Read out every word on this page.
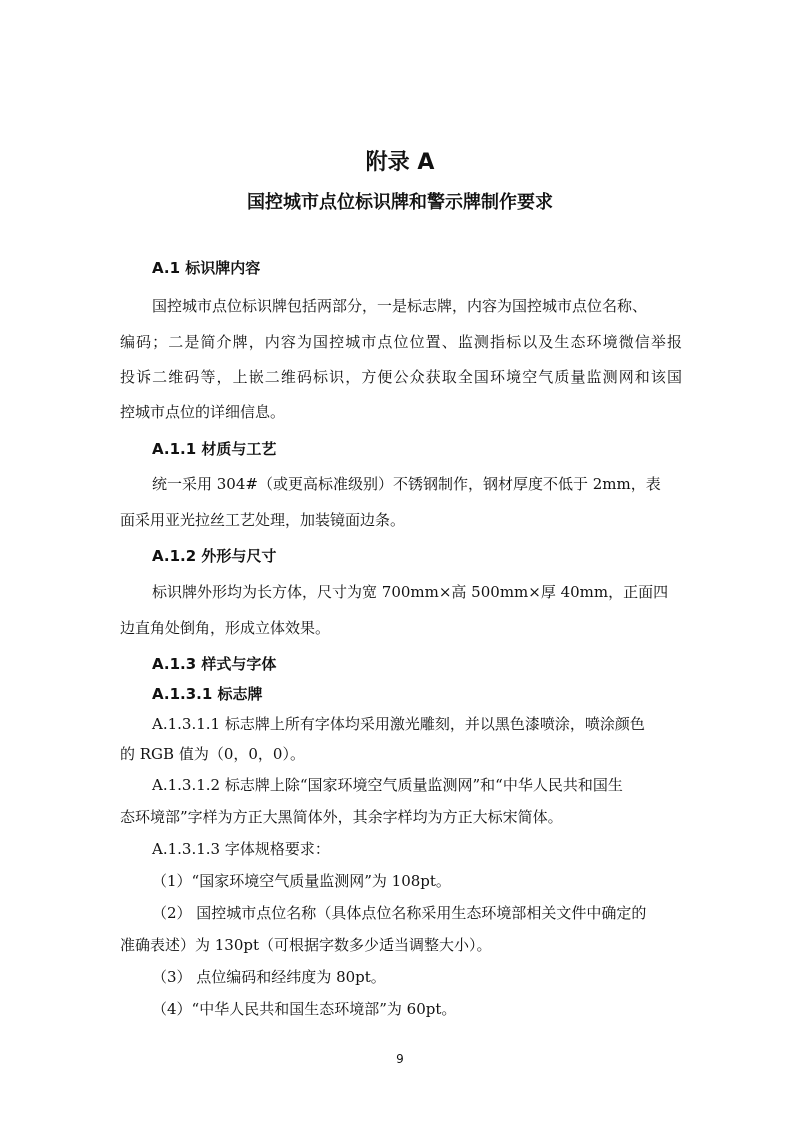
附录 A
国控城市点位标识牌和警示牌制作要求
A.1 标识牌内容
国控城市点位标识牌包括两部分，一是标志牌，内容为国控城市点位名称、
编码；二是简介牌，内容为国控城市点位位置、监测指标以及生态环境微信举报
投诉二维码等，上嵌二维码标识，方便公众获取全国环境空气质量监测网和该国
控城市点位的详细信息。
A.1.1 材质与工艺
统一采用 304#（或更高标准级别）不锈钢制作，钢材厚度不低于 2mm，表
面采用亚光拉丝工艺处理，加装镜面边条。
A.1.2 外形与尺寸
标识牌外形均为长方体，尺寸为宽 700mm×高 500mm×厚 40mm，正面四
边直角处倒角，形成立体效果。
A.1.3 样式与字体
A.1.3.1 标志牌
A.1.3.1.1 标志牌上所有字体均采用激光雕刻，并以黑色漆喷涂，喷涂颜色
的 RGB 值为（0，0，0）。
A.1.3.1.2 标志牌上除“国家环境空气质量监测网”和“中华人民共和国生
态环境部”字样为方正大黑简体外，其余字样均为方正大标宋简体。
A.1.3.1.3 字体规格要求：
（1）“国家环境空气质量监测网”为 108pt。
（2） 国控城市点位名称（具体点位名称采用生态环境部相关文件中确定的
准确表述）为 130pt（可根据字数多少适当调整大小）。
（3） 点位编码和经纬度为 80pt。
（4）“中华人民共和国生态环境部”为 60pt。
9
